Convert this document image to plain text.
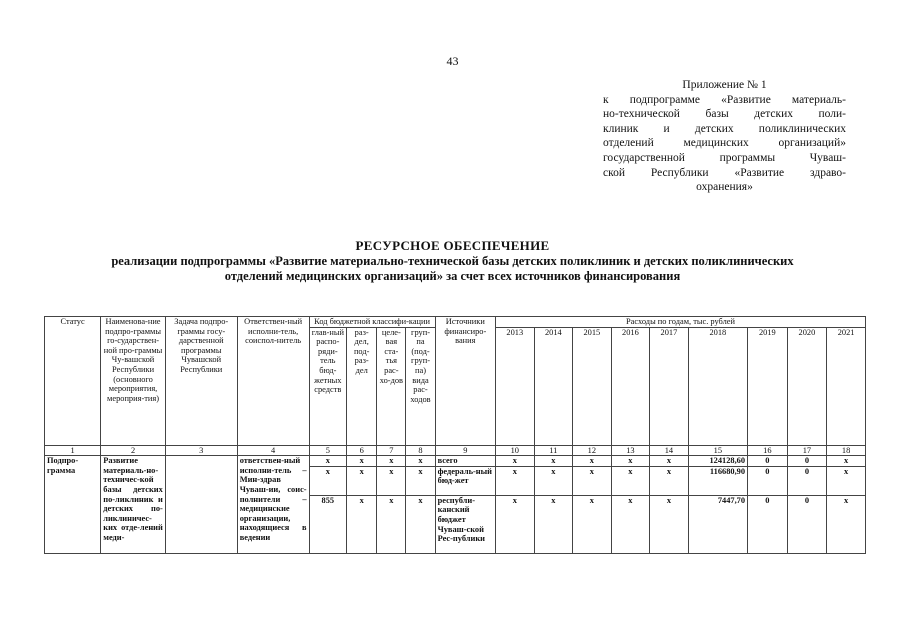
43
Приложение № 1
к подпрограмме «Развитие материаль-
но-технической базы детских поли-
клиник и детских поликлинических
отделений медицинских организаций»
государственной программы Чуваш-
ской Республики «Развитие здраво-
охранения»
РЕСУРСНОЕ ОБЕСПЕЧЕНИЕ
реализации подпрограммы «Развитие материально-технической базы детских поликлиник и детских поликлинических
отделений медицинских организаций» за счет всех источников финансирования
Статус	Наименова-ние подпро-граммы го-сударствен-ной про-граммы Чу-вашской Республики (основного мероприятия, мероприя-тия)	Задача подпро-граммы госу-дарственной программы Чувашской Республики	Ответствен-ный исполни-тель, соиспол-нитель	Код бюджетной классифи-кации				Источники финансиро-вания	Расходы по годам, тыс. рублей								
				глав-ный распо-ряди-тель бюд-жетных средств	раз-дел, под-раз-дел	целе-вая ста-тья рас-хо-дов	груп-па (под-груп-па) вида рас-ходов		2013	2014	2015	2016	2017	2018	2019	2020	2021
1	2	3	4	5	6	7	8	9	10	11	12	13	14	15	16	17	18
Подпро-грамма	Развитие материаль-но-техничес-кой базы детских по-ликлиник и детских по-ликлиничес-ких отде-лений меди-		ответствен-ный исполни-тель – Мин-здрав Чуваш-ии, соис-полнители – медицинские организации, находящиеся в ведении	x	x	x	x	всего	x	x	x	x	x	124128,60	0	0	x
				x	x	x	x	федераль-ный бюд-жет	x	x	x	x	x	116680,90	0	0	x
				855	x	x	x	республи-канский бюджет Чуваш-ской Рес-публики	x	x	x	x	x	7447,70	0	0	x
